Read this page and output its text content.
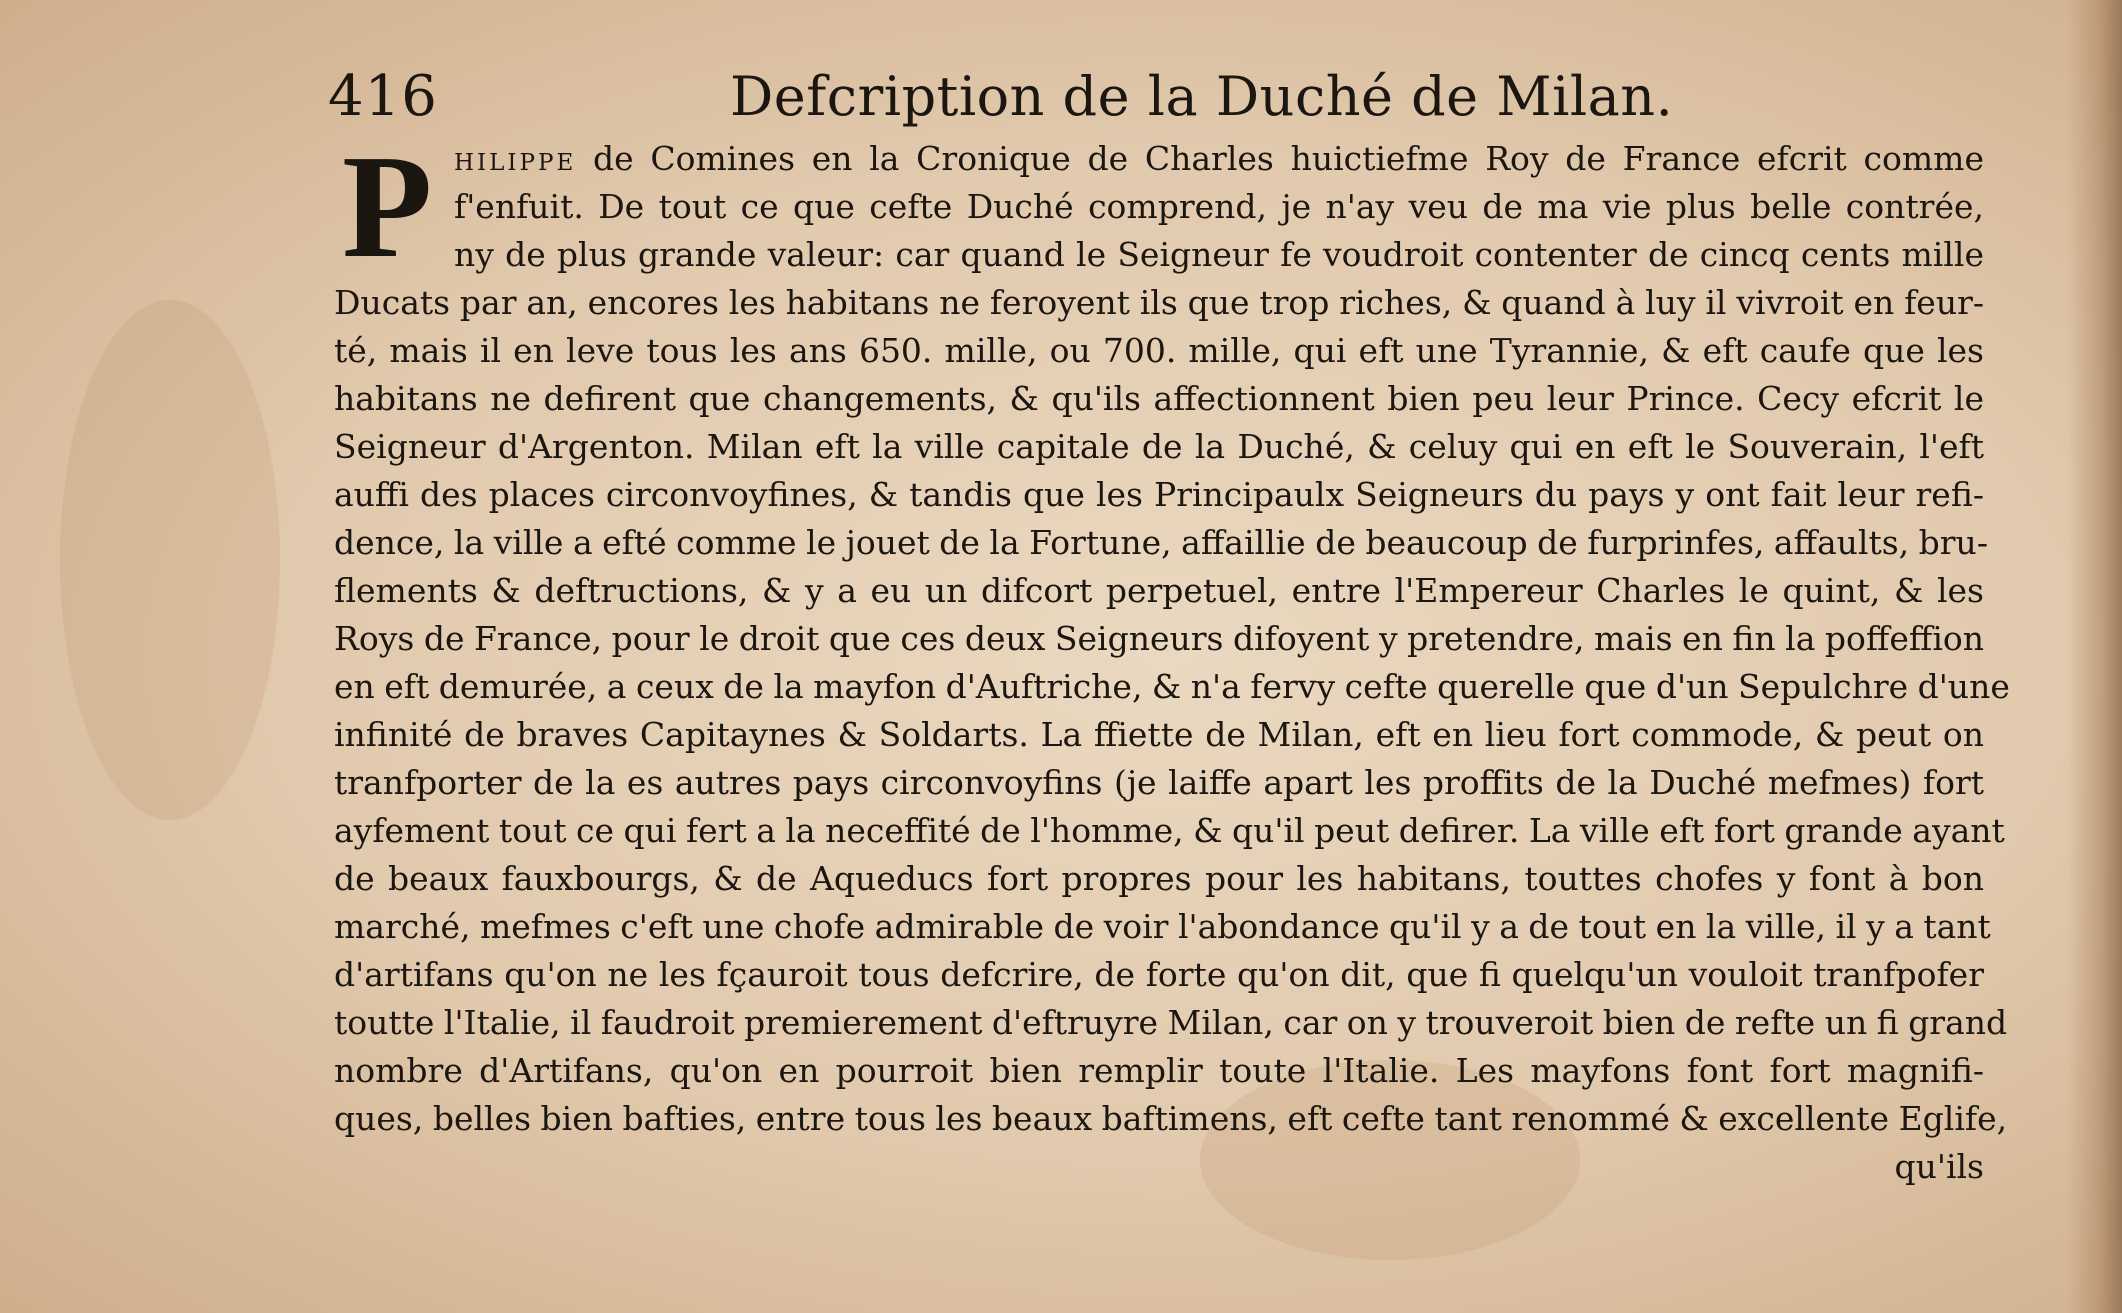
416	Defcription de la Duché de Milan.
P hilippe de Comines en la Cronique de Charles huictiefme Roy de France efcrit comme
f'enfuit. De tout ce que cefte Duché comprend, je n'ay veu de ma vie plus belle contrée,
ny de plus grande valeur: car quand le Seigneur fe voudroit contenter de cincq cents mille
Ducats par an, encores les habitans ne feroyent ils que trop riches, & quand à luy il vivroit en feur-
té, mais il en leve tous les ans 650. mille, ou 700. mille, qui eft une Tyrannie, & eft caufe que les
habitans ne defirent que changements, & qu'ils affectionnent bien peu leur Prince. Cecy efcrit le
Seigneur d'Argenton. Milan eft la ville capitale de la Duché, & celuy qui en eft le Souverain, l'eft
auffi des places circonvoyfines, & tandis que les Principaulx Seigneurs du pays y ont fait leur refi-
dence, la ville a efté comme le jouet de la Fortune, affaillie de beaucoup de furprinfes, affaults, bru-
flements & deftructions, & y a eu un difcort perpetuel, entre l'Empereur Charles le quint, & les
Roys de France, pour le droit que ces deux Seigneurs difoyent y pretendre, mais en fin la poffeffion
en eft demurée, a ceux de la mayfon d'Auftriche, & n'a fervy cefte querelle que d'un Sepulchre d'une
infinité de braves Capitaynes & Soldarts. La ffiette de Milan, eft en lieu fort commode, & peut on
tranfporter de la es autres pays circonvoyfins (je laiffe apart les proffits de la Duché mefmes) fort
ayfement tout ce qui fert a la neceffité de l'homme, & qu'il peut defirer. La ville eft fort grande ayant
de beaux fauxbourgs, & de Aqueducs fort propres pour les habitans, touttes chofes y font à bon
marché, mefmes c'eft une chofe admirable de voir l'abondance qu'il y a de tout en la ville, il y a tant
d'artifans qu'on ne les fçauroit tous defcrire, de forte qu'on dit, que fi quelqu'un vouloit tranfpofer
toutte l'Italie, il faudroit premierement d'eftruyre Milan, car on y trouveroit bien de refte un fi grand
nombre d'Artifans, qu'on en pourroit bien remplir toute l'Italie. Les mayfons font fort magnifi-
ques, belles bien bafties, entre tous les beaux baftimens, eft cefte tant renommé & excellente Eglife,
qu'ils
